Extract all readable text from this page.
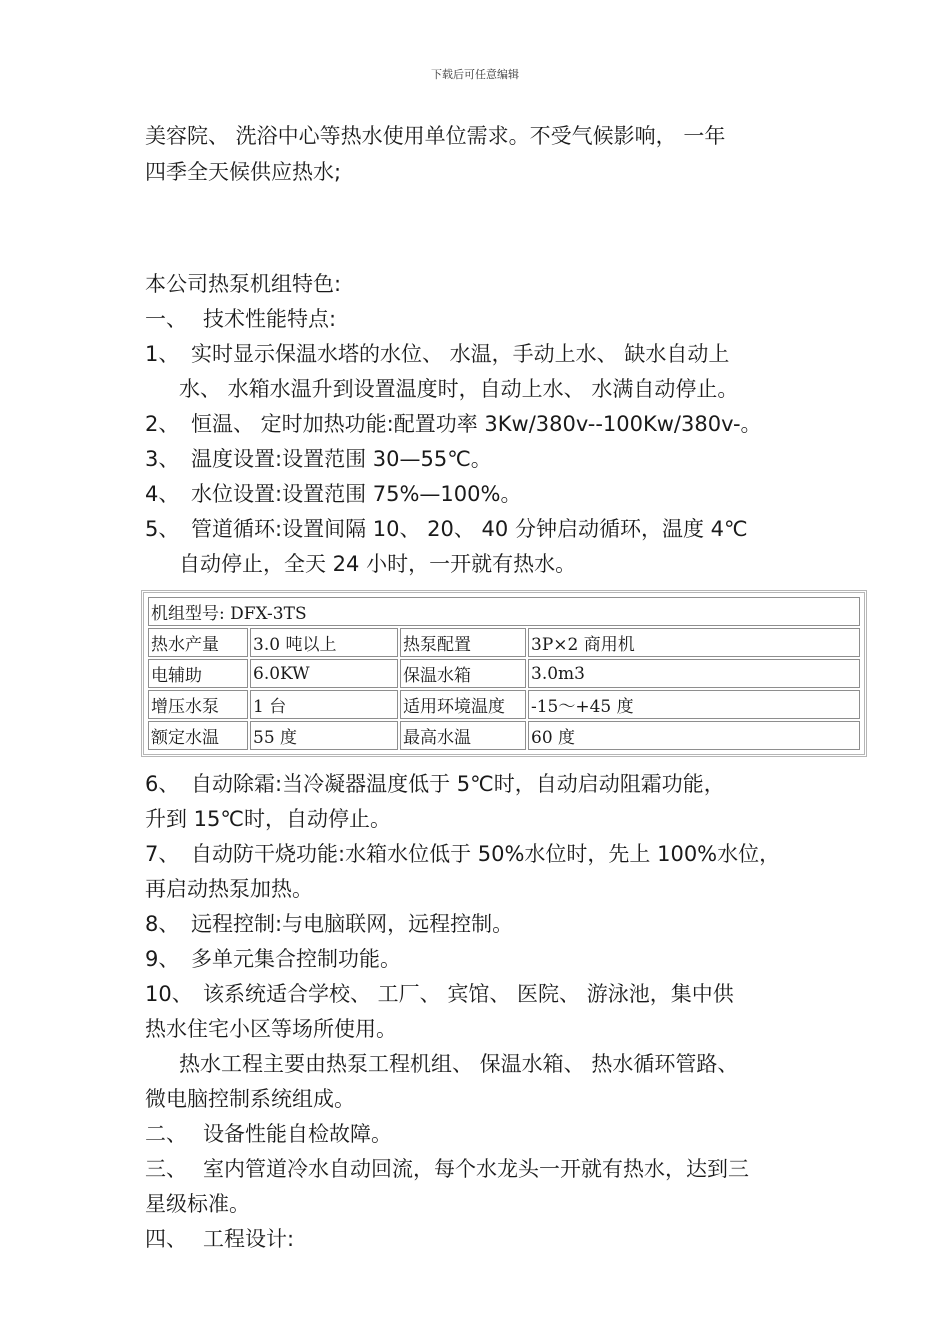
下载后可任意编辑

美容院、 洗浴中心等热水使用单位需求。不受气候影响， 一年

四季全天候供应热水;

本公司热泵机组特色:

一、 技术性能特点:
1、 实时显示保温水塔的水位、 水温，手动上水、 缺水自动上
水、 水箱水温升到设置温度时，自动上水、 水满自动停止。
2、 恒温、 定时加热功能:配置功率 3Kw/380v--100Kw/380v-。
3、 温度设置:设置范围 30—55℃。
4、 水位设置:设置范围 75%—100%。
5、 管道循环:设置间隔 10、 20、 40 分钟启动循环，温度 4℃
自动停止，全天 24 小时，一开就有热水。
机组型号: DFX-3TS			
热水产量	3.0 吨以上	热泵配置	3P×2 商用机
电辅助	6.0KW	保温水箱	3.0m3
增压水泵	1 台	适用环境温度	-15～+45 度
额定水温	55 度	最高水温	60 度
6、 自动除霜:当冷凝器温度低于 5℃时，自动启动阻霜功能，
升到 15℃时，自动停止。
7、 自动防干烧功能:水箱水位低于 50%水位时，先上 100%水位，
再启动热泵加热。
8、 远程控制:与电脑联网，远程控制。
9、 多单元集合控制功能。
10、 该系统适合学校、 工厂、 宾馆、 医院、 游泳池，集中供
热水住宅小区等场所使用。
热水工程主要由热泵工程机组、 保温水箱、 热水循环管路、
微电脑控制系统组成。
二、 设备性能自检故障。
三、 室内管道冷水自动回流，每个水龙头一开就有热水，达到三
星级标准。
四、 工程设计:
